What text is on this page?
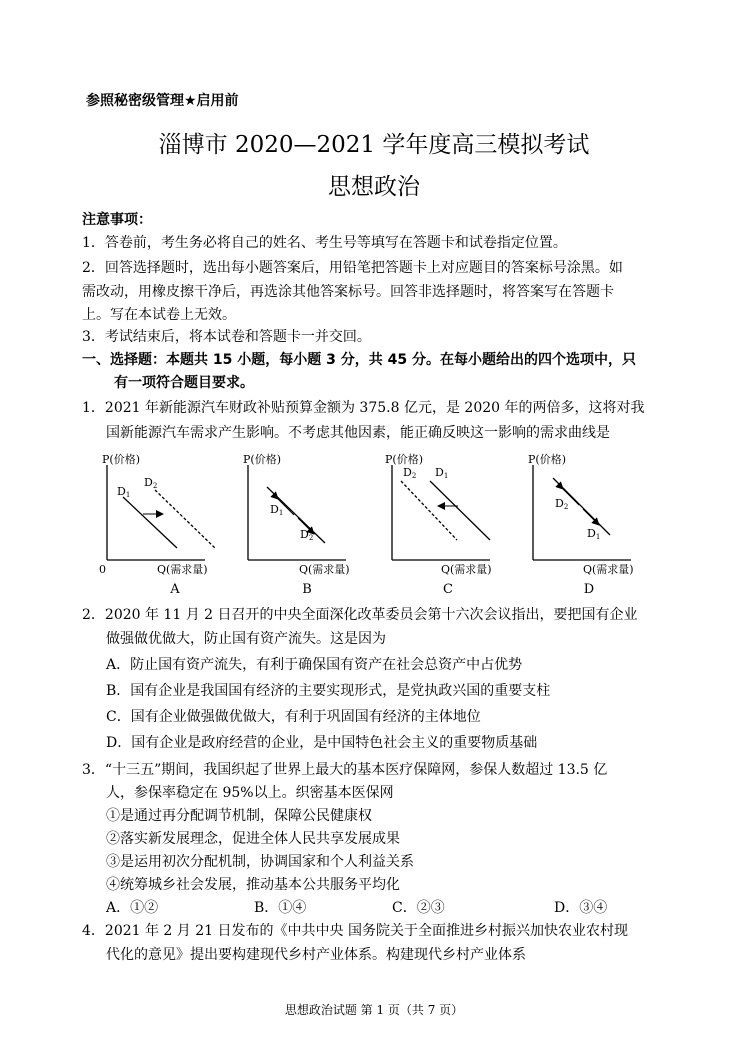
参照秘密级管理★启用前
淄博市 2020—2021 学年度高三模拟考试
思想政治
注意事项：
1．答卷前，考生务必将自己的姓名、考生号等填写在答题卡和试卷指定位置。
2．回答选择题时，选出每小题答案后，用铅笔把答题卡上对应题目的答案标号涂黑。如
需改动，用橡皮擦干净后，再选涂其他答案标号。回答非选择题时，将答案写在答题卡
上。写在本试卷上无效。
3．考试结束后，将本试卷和答题卡一并交回。
一、选择题：本题共 15 小题，每小题 3 分，共 45 分。在每小题给出的四个选项中，只
有一项符合题目要求。
1．2021 年新能源汽车财政补贴预算金额为 375.8 亿元，是 2020 年的两倍多，这将对我
国新能源汽车需求产生影响。不考虑其他因素，能正确反映这一影响的需求曲线是
P(价格)
0	Q(需求量)
D1
D2
A
P(价格)
Q(需求量)
D1
D2
B
P(价格)
Q(需求量)
D2 D1
C
P(价格)
Q(需求量)
D2
D1
D
2．2020 年 11 月 2 日召开的中央全面深化改革委员会第十六次会议指出，要把国有企业
做强做优做大，防止国有资产流失。这是因为
A．防止国有资产流失，有利于确保国有资产在社会总资产中占优势
B．国有企业是我国国有经济的主要实现形式，是党执政兴国的重要支柱
C．国有企业做强做优做大，有利于巩固国有经济的主体地位
D．国有企业是政府经营的企业，是中国特色社会主义的重要物质基础
3．“十三五”期间，我国织起了世界上最大的基本医疗保障网，参保人数超过 13.5 亿
人，参保率稳定在 95%以上。织密基本医保网
①是通过再分配调节机制，保障公民健康权
②落实新发展理念，促进全体人民共享发展成果
③是运用初次分配机制，协调国家和个人利益关系
④统筹城乡社会发展，推动基本公共服务平均化
A．①②	B．①④	C．②③	D．③④
4．2021 年 2 月 21 日发布的《中共中央 国务院关于全面推进乡村振兴加快农业农村现
代化的意见》提出要构建现代乡村产业体系。构建现代乡村产业体系
思想政治试题 第 1 页（共 7 页）
